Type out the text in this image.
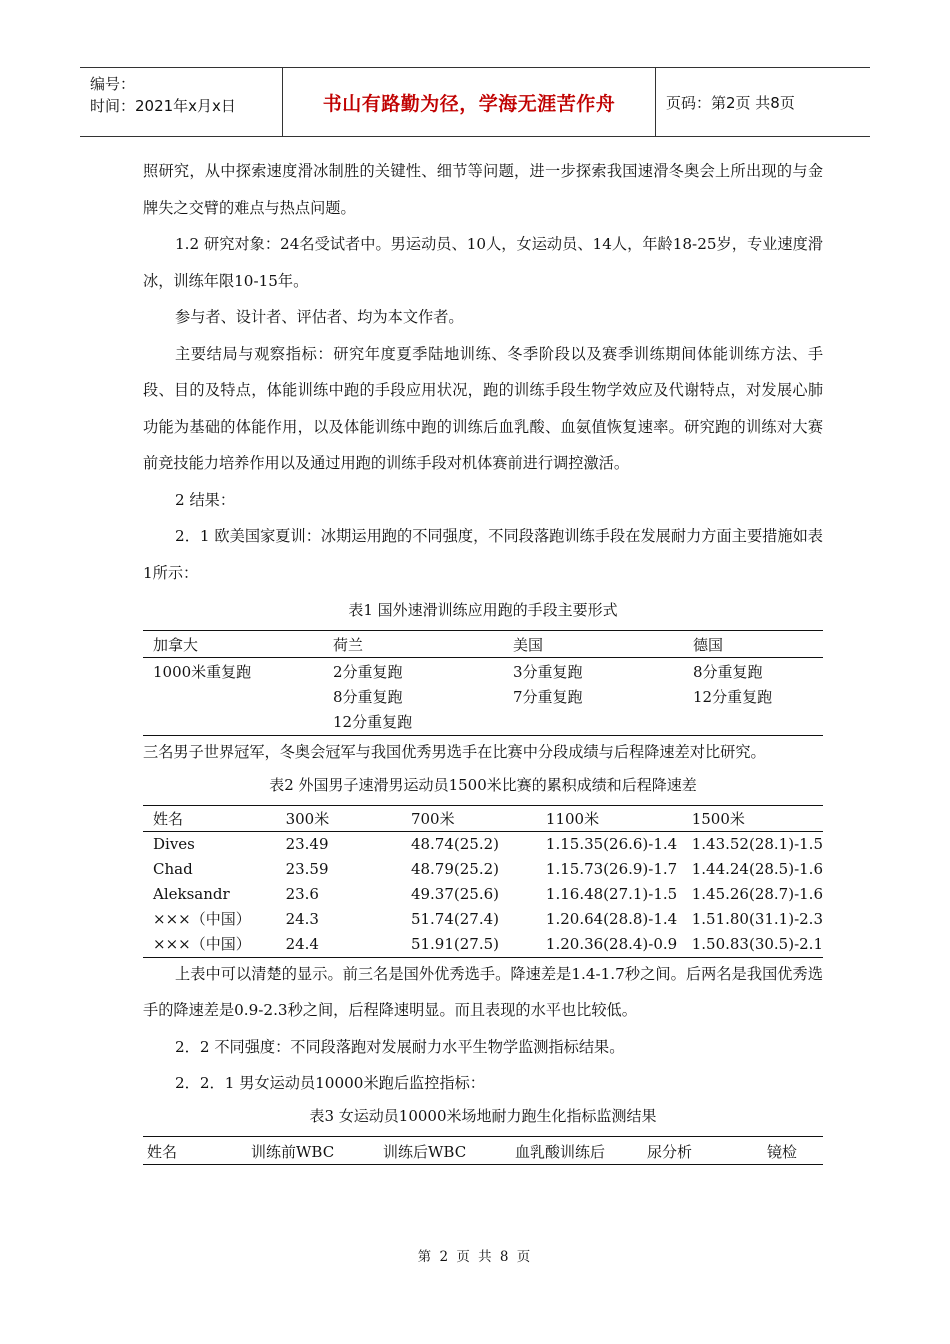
编号：
时间：2021年x月x日	书山有路勤为径，学海无涯苦作舟	页码：第2页 共8页

照研究，从中探索速度滑冰制胜的关键性、细节等问题，进一步探索我国速滑冬奥会上所出现的与金牌失之交臂的难点与热点问题。

1.2 研究对象：24名受试者中。男运动员、10人，女运动员、14人，年龄18-25岁，专业速度滑冰，训练年限10-15年。

参与者、设计者、评估者、均为本文作者。

主要结局与观察指标：研究年度夏季陆地训练、冬季阶段以及赛季训练期间体能训练方法、手段、目的及特点，体能训练中跑的手段应用状况，跑的训练手段生物学效应及代谢特点，对发展心肺功能为基础的体能作用，以及体能训练中跑的训练后血乳酸、血氨值恢复速率。研究跑的训练对大赛前竞技能力培养作用以及通过用跑的训练手段对机体赛前进行调控激活。

2 结果：

2．1 欧美国家夏训：冰期运用跑的不同强度，不同段落跑训练手段在发展耐力方面主要措施如表1所示：

表1 国外速滑训练应用跑的手段主要形式
加拿大	荷兰	美国	德国
1000米重复跑	2分重复跑	3分重复跑	8分重复跑
	8分重复跑	7分重复跑	12分重复跑
	12分重复跑		

三名男子世界冠军，冬奥会冠军与我国优秀男选手在比赛中分段成绩与后程降速差对比研究。

表2 外国男子速滑男运动员1500米比赛的累积成绩和后程降速差
姓名	300米	700米	1100米	1500米
Dives	23.49	48.74(25.2)	1.15.35(26.6)-1.4	1.43.52(28.1)-1.5
Chad	23.59	48.79(25.2)	1.15.73(26.9)-1.7	1.44.24(28.5)-1.6
Aleksandr	23.6	49.37(25.6)	1.16.48(27.1)-1.5	1.45.26(28.7)-1.6
×××（中国）	24.3	51.74(27.4)	1.20.64(28.8)-1.4	1.51.80(31.1)-2.3
×××（中国）	24.4	51.91(27.5)	1.20.36(28.4)-0.9	1.50.83(30.5)-2.1

上表中可以清楚的显示。前三名是国外优秀选手。降速差是1.4-1.7秒之间。后两名是我国优秀选手的降速差是0.9-2.3秒之间，后程降速明显。而且表现的水平也比较低。

2．2 不同强度：不同段落跑对发展耐力水平生物学监测指标结果。

2．2．1 男女运动员10000米跑后监控指标：

表3 女运动员10000米场地耐力跑生化指标监测结果
姓名	训练前WBC	训练后WBC	血乳酸训练后	尿分析	镜检
第 2 页 共 8 页
